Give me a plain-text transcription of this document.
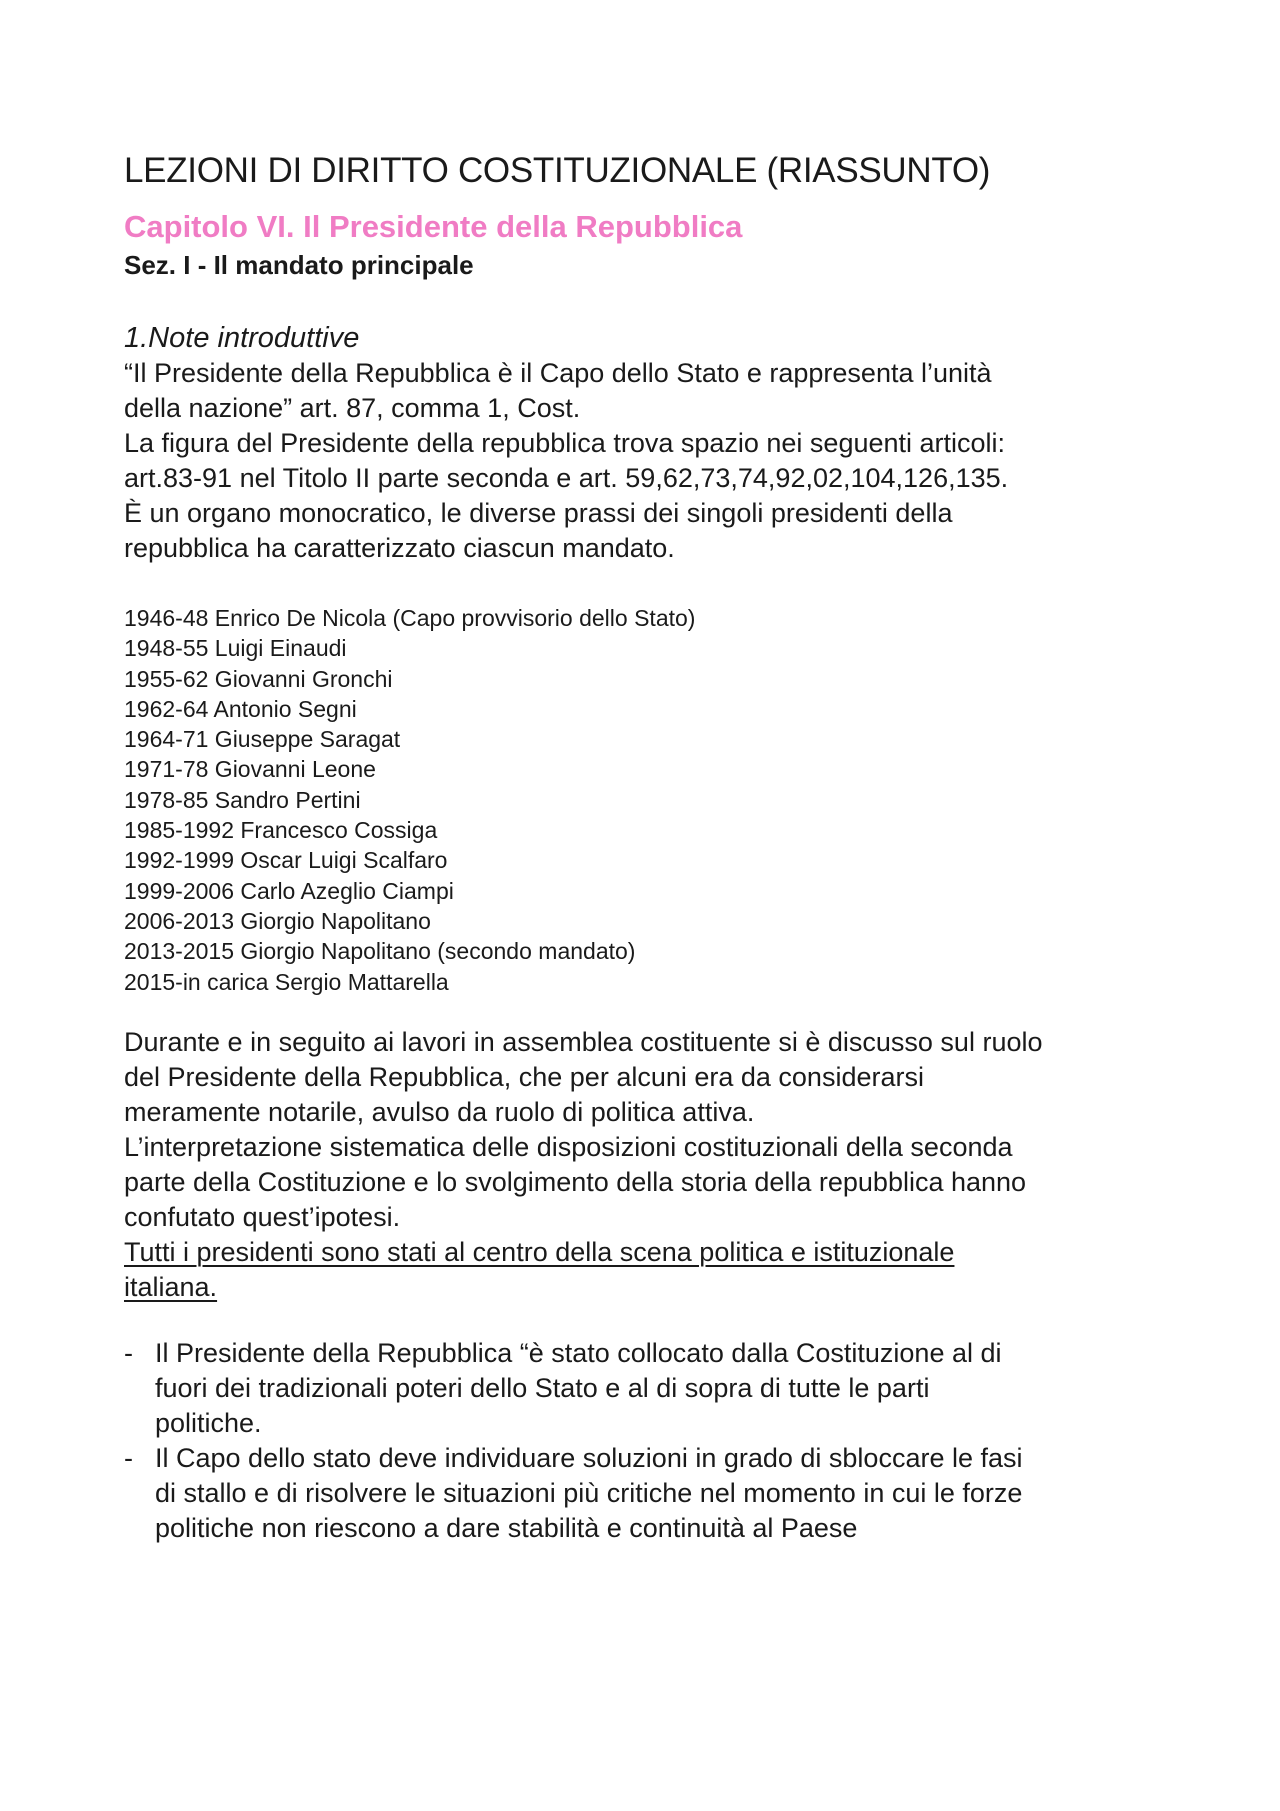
LEZIONI DI DIRITTO COSTITUZIONALE (RIASSUNTO)
Capitolo VI. Il Presidente della Repubblica
Sez. I - Il mandato principale
1.Note introduttive

“Il Presidente della Repubblica è il Capo dello Stato e rappresenta l’unità
della nazione” art. 87, comma 1, Cost.
La figura del Presidente della repubblica trova spazio nei seguenti articoli:
art.83-91 nel Titolo II parte seconda e art. 59,62,73,74,92,02,104,126,135.
È un organo monocratico, le diverse prassi dei singoli presidenti della
repubblica ha caratterizzato ciascun mandato.

1946-48 Enrico De Nicola (Capo provvisorio dello Stato)
1948-55 Luigi Einaudi
1955-62 Giovanni Gronchi
1962-64 Antonio Segni
1964-71 Giuseppe Saragat
1971-78 Giovanni Leone
1978-85 Sandro Pertini
1985-1992 Francesco Cossiga
1992-1999 Oscar Luigi Scalfaro
1999-2006 Carlo Azeglio Ciampi
2006-2013 Giorgio Napolitano
2013-2015 Giorgio Napolitano (secondo mandato)
2015-in carica Sergio Mattarella

Durante e in seguito ai lavori in assemblea costituente si è discusso sul ruolo
del Presidente della Repubblica, che per alcuni era da considerarsi
meramente notarile, avulso da ruolo di politica attiva.
L’interpretazione sistematica delle disposizioni costituzionali della seconda
parte della Costituzione e lo svolgimento della storia della repubblica hanno
confutato quest’ipotesi.
Tutti i presidenti sono stati al centro della scena politica e istituzionale
italiana.

- Il Presidente della Repubblica “è stato collocato dalla Costituzione al di
fuori dei tradizionali poteri dello Stato e al di sopra di tutte le parti
politiche.
- Il Capo dello stato deve individuare soluzioni in grado di sbloccare le fasi
di stallo e di risolvere le situazioni più critiche nel momento in cui le forze
politiche non riescono a dare stabilità e continuità al Paese
